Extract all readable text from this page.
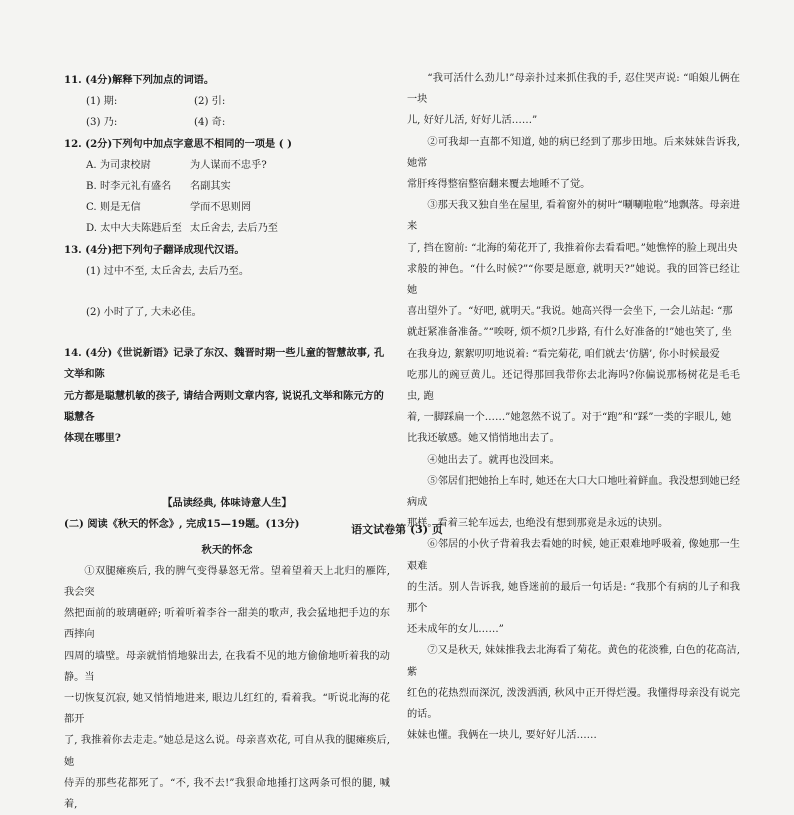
11. (4分)解释下列加点的词语。
(1) 期:	(2) 引:
(3) 乃:	(4) 奇:
12. (2分)下列句中加点字意思不相同的一项是 ( )
A. 为司隶校尉	为人谋而不忠乎?
B. 时李元礼有盛名	名副其实
C. 则是无信	学而不思则罔
D. 太中大夫陈韪后至 太丘舍去, 去后乃至
13. (4分)把下列句子翻译成现代汉语。
(1) 过中不至, 太丘舍去, 去后乃至。
(2) 小时了了, 大未必佳。
14. (4分)《世说新语》记录了东汉、魏晋时期一些儿童的智慧故事, 孔文举和陈
元方都是聪慧机敏的孩子, 请结合两则文章内容, 说说孔文举和陈元方的聪慧各
体现在哪里?
【品读经典, 体味诗意人生】
(二) 阅读《秋天的怀念》, 完成15—19题。(13分)
秋天的怀念
①双腿瘫痪后, 我的脾气变得暴怒无常。望着望着天上北归的雁阵, 我会突
然把面前的玻璃砸碎; 听着听着李谷一甜美的歌声, 我会猛地把手边的东西摔向
四周的墙壁。母亲就悄悄地躲出去, 在我看不见的地方偷偷地听着我的动静。当
一切恢复沉寂, 她又悄悄地进来, 眼边儿红红的, 看着我。“听说北海的花都开
了, 我推着你去走走。”她总是这么说。母亲喜欢花, 可自从我的腿瘫痪后, 她
侍弄的那些花都死了。“不, 我不去!”我狠命地捶打这两条可恨的腿, 喊着,
“我可活什么劲儿!”母亲扑过来抓住我的手, 忍住哭声说: “咱娘儿俩在一块
儿, 好好儿活, 好好儿活……”
②可我却一直都不知道, 她的病已经到了那步田地。后来妹妹告诉我, 她常
常肝疼得整宿整宿翻来覆去地睡不了觉。
③那天我又独自坐在屋里, 看着窗外的树叶“唰唰啦啦”地飘落。母亲进来
了, 挡在窗前: “北海的菊花开了, 我推着你去看看吧。”她憔悴的脸上现出央
求般的神色。“什么时候?”“你要是愿意, 就明天?”她说。我的回答已经让她
喜出望外了。“好吧, 就明天。”我说。她高兴得一会坐下, 一会儿站起: “那
就赶紧准备准备。”“唉呀, 烦不烦?几步路, 有什么好准备的!”她也笑了, 坐
在我身边, 絮絮叨叨地说着: “看完菊花, 咱们就去‘仿膳’, 你小时候最爱
吃那儿的豌豆黄儿。还记得那回我带你去北海吗?你偏说那杨树花是毛毛虫, 跑
着, 一脚踩扁一个……”她忽然不说了。对于“跑”和“踩”一类的字眼儿, 她
比我还敏感。她又悄悄地出去了。
④她出去了。就再也没回来。
⑤邻居们把她抬上车时, 她还在大口大口地吐着鲜血。我没想到她已经病成
那样。看着三轮车远去, 也绝没有想到那竟是永远的诀别。
⑥邻居的小伙子背着我去看她的时候, 她正艰难地呼吸着, 像她那一生艰难
的生活。别人告诉我, 她昏迷前的最后一句话是: “我那个有病的儿子和我那个
还未成年的女儿……”
⑦又是秋天, 妹妹推我去北海看了菊花。黄色的花淡雅, 白色的花高洁, 紫
红色的花热烈而深沉, 泼泼洒洒, 秋风中正开得烂漫。我懂得母亲没有说完的话。
妹妹也懂。我俩在一块儿, 要好好儿活……
语文试卷第 (3) 页
